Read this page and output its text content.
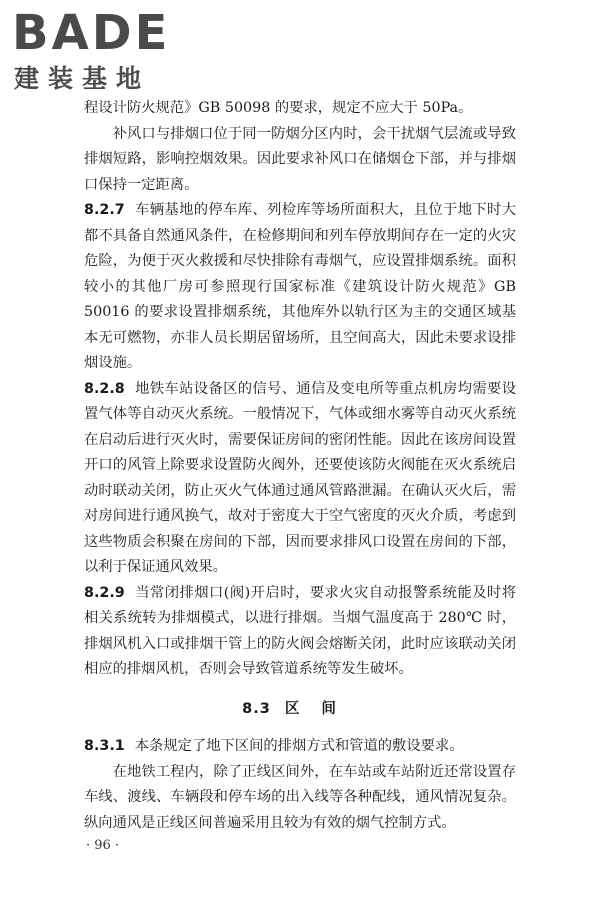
BADE
建装基地

程设计防火规范》GB 50098 的要求，规定不应大于 50Pa。

补风口与排烟口位于同一防烟分区内时，会干扰烟气层流或导致排烟短路，影响控烟效果。因此要求补风口在储烟仓下部，并与排烟口保持一定距离。

8.2.7 车辆基地的停车库、列检库等场所面积大，且位于地下时大都不具备自然通风条件，在检修期间和列车停放期间存在一定的火灾危险，为便于灭火救援和尽快排除有毒烟气，应设置排烟系统。面积较小的其他厂房可参照现行国家标准《建筑设计防火规范》GB 50016 的要求设置排烟系统，其他库外以轨行区为主的交通区域基本无可燃物，亦非人员长期居留场所，且空间高大，因此未要求设排烟设施。

8.2.8 地铁车站设备区的信号、通信及变电所等重点机房均需要设置气体等自动灭火系统。一般情况下，气体或细水雾等自动灭火系统在启动后进行灭火时，需要保证房间的密闭性能。因此在该房间设置开口的风管上除要求设置防火阀外，还要使该防火阀能在灭火系统启动时联动关闭，防止灭火气体通过通风管路泄漏。在确认灭火后，需对房间进行通风换气，故对于密度大于空气密度的灭火介质，考虑到这些物质会积聚在房间的下部，因而要求排风口设置在房间的下部，以利于保证通风效果。

8.2.9 当常闭排烟口(阀)开启时，要求火灾自动报警系统能及时将相关系统转为排烟模式，以进行排烟。当烟气温度高于 280℃ 时，排烟风机入口或排烟干管上的防火阀会熔断关闭，此时应该联动关闭相应的排烟风机，否则会导致管道系统等发生破坏。

8.3 区间

8.3.1 本条规定了地下区间的排烟方式和管道的敷设要求。

在地铁工程内，除了正线区间外，在车站或车站附近还常设置存车线、渡线、车辆段和停车场的出入线等各种配线，通风情况复杂。纵向通风是正线区间普遍采用且较为有效的烟气控制方式。

· 96 ·
